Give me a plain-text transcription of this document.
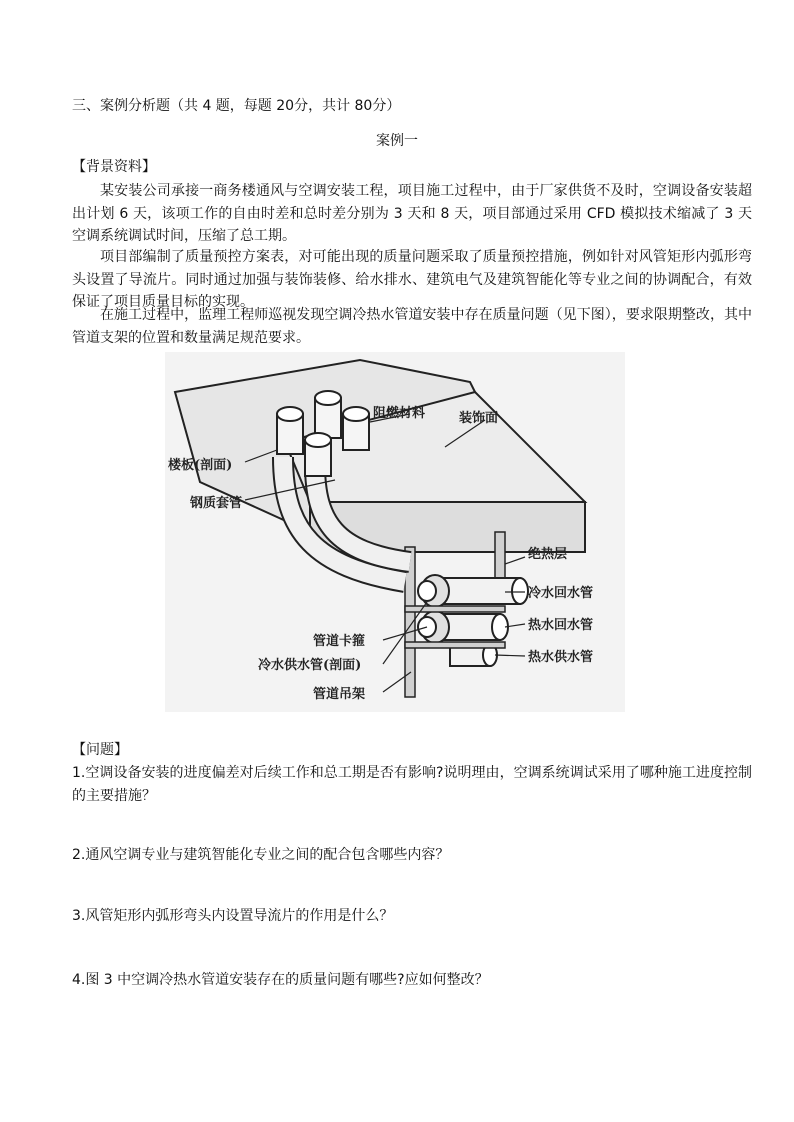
三、案例分析题（共 4 题，每题 20分，共计 80分）
案例一
【背景资料】
某安装公司承接一商务楼通风与空调安装工程，项目施工过程中，由于厂家供货不及时，空调设备安装超出计划 6 天，该项工作的自由时差和总时差分别为 3 天和 8 天，项目部通过采用 CFD 模拟技术缩减了 3 天空调系统调试时间，压缩了总工期。
项目部编制了质量预控方案表，对可能出现的质量问题采取了质量预控措施，例如针对风管矩形内弧形弯头设置了导流片。同时通过加强与装饰装修、给水排水、建筑电气及建筑智能化等专业之间的协调配合，有效保证了项目质量目标的实现。
在施工过程中，监理工程师巡视发现空调冷热水管道安装中存在质量问题（见下图），要求限期整改，其中管道支架的位置和数量满足规范要求。
阻燃材料	装饰面
楼板(剖面)
钢质套管
绝热层
冷水回水管
热水回水管
热水供水管
管道卡箍
冷水供水管(剖面)
管道吊架
【问题】
1.空调设备安装的进度偏差对后续工作和总工期是否有影响?说明理由，空调系统调试采用了哪种施工进度控制的主要措施？
2.通风空调专业与建筑智能化专业之间的配合包含哪些内容？
3.风管矩形内弧形弯头内设置导流片的作用是什么？
4.图 3 中空调冷热水管道安装存在的质量问题有哪些?应如何整改？
